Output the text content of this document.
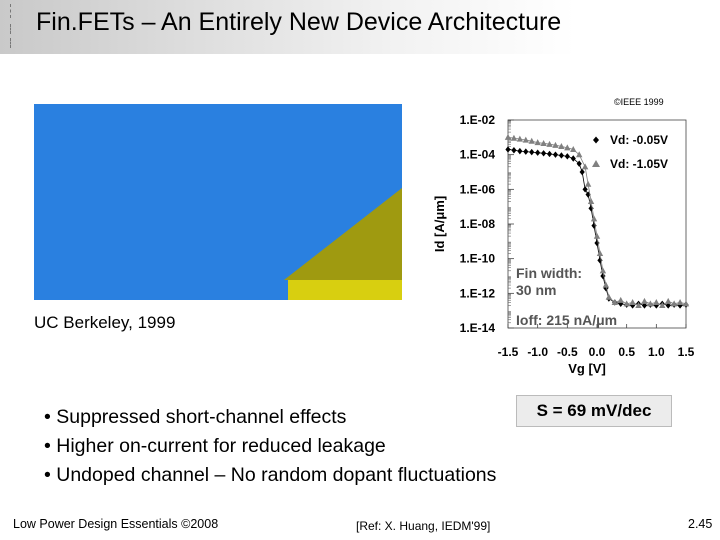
Fin.FETs – An Entirely New Device Architecture
UC Berkeley, 1999
1.E-02
1.E-04
1.E-06
1.E-08
1.E-10
1.E-12
1.E-14
-1.5 -1.0 -0.5 0.0 0.5 1.0 1.5
Vg [V]
Id [A/μm]
Vd: -0.05V
Vd: -1.05V
Fin width:
30 nm
Ioff: 215 nA/μm
©IEEE 1999
• Suppressed short-channel effects
• Higher on-current for reduced leakage
• Undoped channel – No random dopant fluctuations
S = 69 mV/dec
Low Power Design Essentials ©2008	[Ref: X. Huang, IEDM'99]	2.45
